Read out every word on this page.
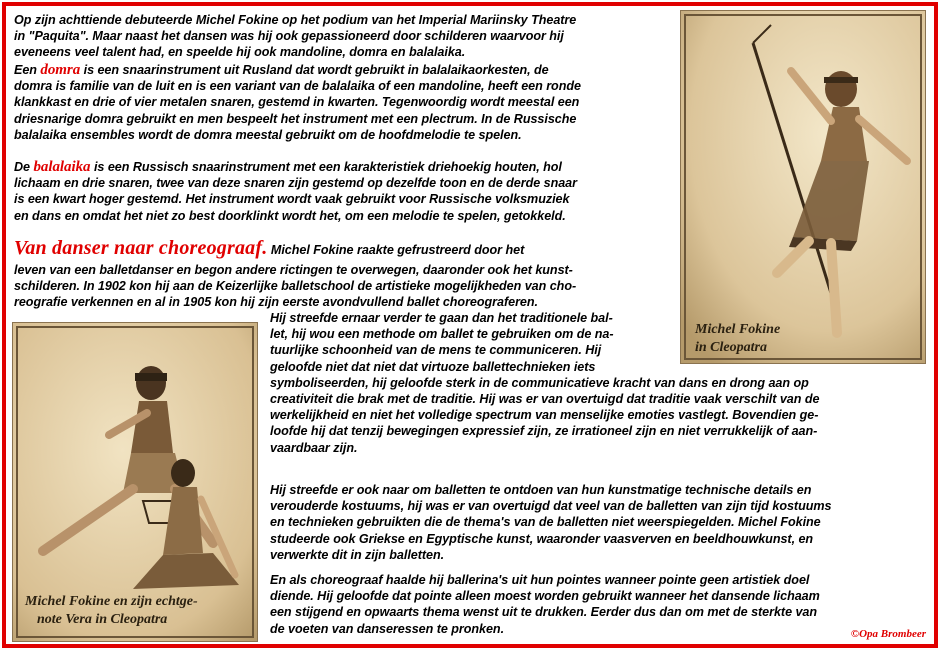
Op zijn achttiende debuteerde Michel Fokine op het podium van het Imperial Mariinsky Theatre
in "Paquita". Maar naast het dansen was hij ook gepassioneerd door schilderen waarvoor hij
eveneens veel talent had, en speelde hij ook mandoline, domra en balalaika.
Een domra is een snaarinstrument uit Rusland dat wordt gebruikt in balalaikaorkesten, de
domra is familie van de luit en is een variant van de balalaika of een mandoline, heeft een ronde
klankkast en drie of vier metalen snaren, gestemd in kwarten. Tegenwoordig wordt meestal een
driesnarige domra gebruikt en men bespeelt het instrument met een plectrum. In de Russische
balalaika ensembles wordt de domra meestal gebruikt om de hoofdmelodie te spelen.
De balalaika is een Russisch snaarinstrument met een karakteristiek driehoekig houten, hol
lichaam en drie snaren, twee van deze snaren zijn gestemd op dezelfde toon en de derde snaar
is een kwart hoger gestemd. Het instrument wordt vaak gebruikt voor Russische volksmuziek
en dans en omdat het niet zo best doorklinkt wordt het, om een melodie te spelen, getokkeld.
Van danser naar choreograaf. Michel Fokine raakte gefrustreerd door het
leven van een balletdanser en begon andere rictingen te overwegen, daaronder ook het kunst-
schilderen. In 1902 kon hij aan de Keizerlijke balletschool de artistieke mogelijkheden van cho-
reografie verkennen en al in 1905 kon hij zijn eerste avondvullend ballet choreograferen.
Hij streefde ernaar verder te gaan dan het traditionele bal-
let, hij wou een methode om ballet te gebruiken om de na-
tuurlijke schoonheid van de mens te communiceren. Hij
geloofde niet dat niet dat virtuoze ballettechnieken iets
symboliseerden, hij geloofde sterk in de communicatieve kracht van dans en drong aan op
creativiteit die brak met de traditie. Hij was er van overtuigd dat traditie vaak verschilt van de
werkelijkheid en niet het volledige spectrum van menselijke emoties vastlegt. Bovendien ge-
loofde hij dat tenzij bewegingen expressief zijn, ze irrationeel zijn en niet verrukkelijk of aan-
vaardbaar zijn.
Hij streefde er ook naar om balletten te ontdoen van hun kunstmatige technische details en
verouderde kostuums, hij was er van overtuigd dat veel van de balletten van zijn tijd kostuums
en technieken gebruikten die de thema's van de balletten niet weerspiegelden. Michel Fokine
studeerde ook Griekse en Egyptische kunst, waaronder vaasverven en beeldhouwkunst, en
verwerkte dit in zijn balletten.
En als choreograaf haalde hij ballerina's uit hun pointes wanneer pointe geen artistiek doel
diende. Hij geloofde dat pointe alleen moest worden gebruikt wanneer het dansende lichaam
een stijgend en opwaarts thema wenst uit te drukken. Eerder dus dan om met de sterkte van
de voeten van danseressen te pronken.
Michel Fokine
in Cleopatra
Michel Fokine en zijn echtge-
note Vera in Cleopatra
©Opa Brombeer
